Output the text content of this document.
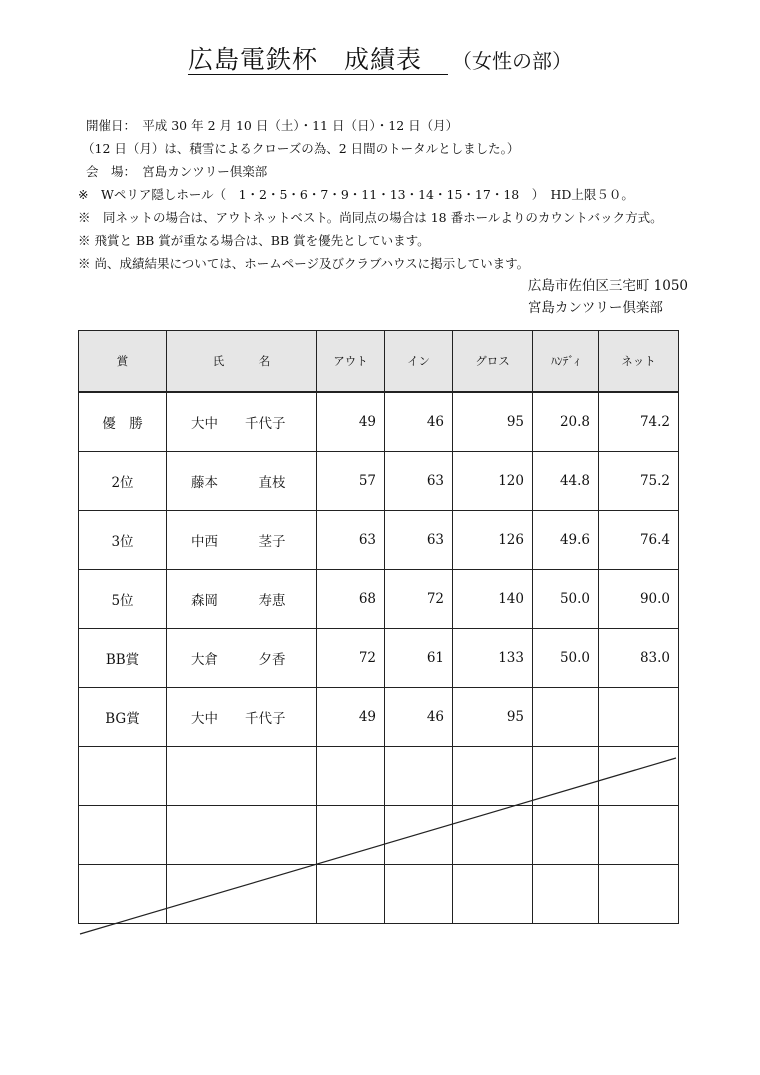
広島電鉄杯　成績表　（女性の部）
開催日：　平成 30 年 2 月 10 日（土）・11 日（日）・12 日（月）
（12 日（月）は、積雪によるクローズの為、2 日間のトータルとしました。）
会　場：　宮島カンツリー倶楽部
※　Wペリア隠しホール（　1・2・5・6・7・9・11・13・14・15・17・18　）　HD上限５０。
※　同ネットの場合は、アウトネットベスト。尚同点の場合は 18 番ホールよりのカウントバック方式。
※ 飛賞と BB 賞が重なる場合は、BB 賞を優先としています。
※ 尚、成績結果については、ホームページ及びクラブハウスに掲示しています。
広島市佐伯区三宅町 1050
宮島カンツリー倶楽部
賞	氏　　　名	アウト	イン	グロス	ﾊﾝﾃﾞｨ	ネット

優　勝	大中　　千代子	49	46	95	20.8	74.2
2位	藤本　　　直枝	57	63	120	44.8	75.2
3位	中西　　　茎子	63	63	126	49.6	76.4
5位	森岡　　　寿恵	68	72	140	50.0	90.0
BB賞	大倉　　　夕香	72	61	133	50.0	83.0
BG賞	大中　　千代子	49	46	95		
